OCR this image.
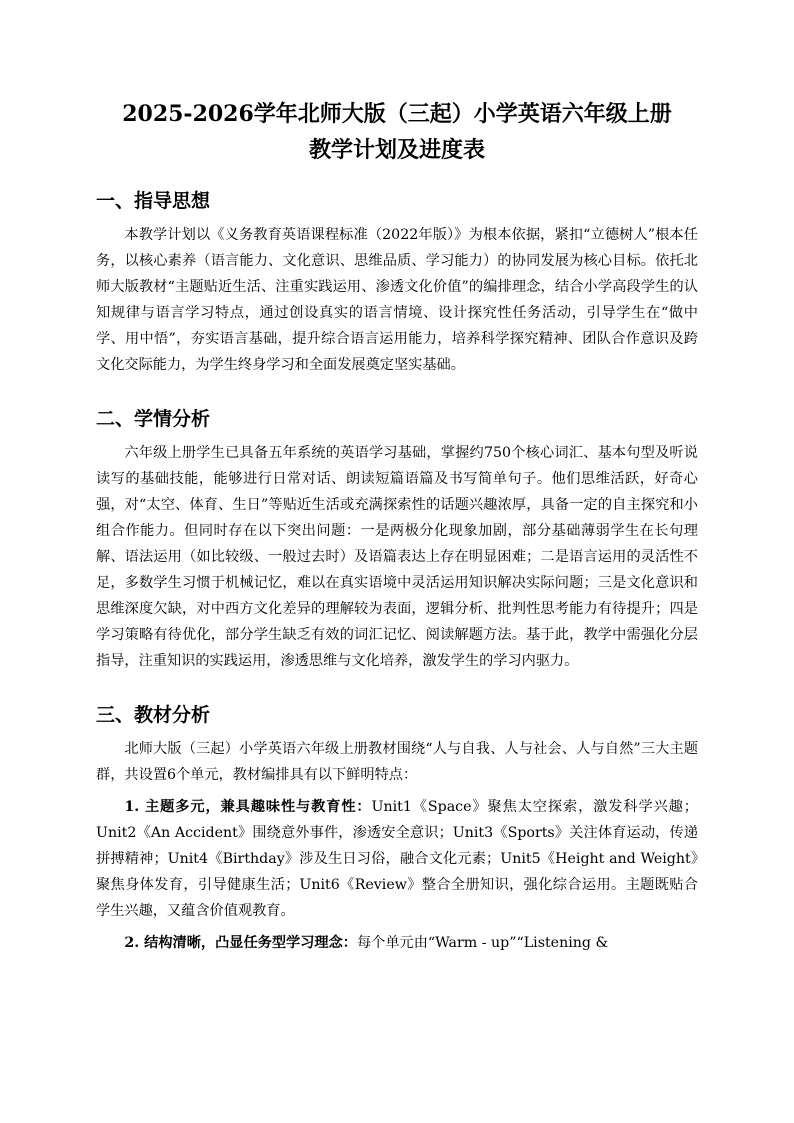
2025-2026学年北师大版（三起）小学英语六年级上册
教学计划及进度表
一、指导思想

本教学计划以《义务教育英语课程标准（2022年版）》为根本依据，紧扣“立德树人”根本任务，以核心素养（语言能力、文化意识、思维品质、学习能力）的协同发展为核心目标。依托北师大版教材“主题贴近生活、注重实践运用、渗透文化价值”的编排理念，结合小学高段学生的认知规律与语言学习特点，通过创设真实的语言情境、设计探究性任务活动，引导学生在“做中学、用中悟”，夯实语言基础，提升综合语言运用能力，培养科学探究精神、团队合作意识及跨文化交际能力，为学生终身学习和全面发展奠定坚实基础。

二、学情分析

六年级上册学生已具备五年系统的英语学习基础，掌握约750个核心词汇、基本句型及听说读写的基础技能，能够进行日常对话、朗读短篇语篇及书写简单句子。他们思维活跃，好奇心强，对“太空、体育、生日”等贴近生活或充满探索性的话题兴趣浓厚，具备一定的自主探究和小组合作能力。但同时存在以下突出问题：一是两极分化现象加剧，部分基础薄弱学生在长句理解、语法运用（如比较级、一般过去时）及语篇表达上存在明显困难；二是语言运用的灵活性不足，多数学生习惯于机械记忆，难以在真实语境中灵活运用知识解决实际问题；三是文化意识和思维深度欠缺，对中西方文化差异的理解较为表面，逻辑分析、批判性思考能力有待提升；四是学习策略有待优化，部分学生缺乏有效的词汇记忆、阅读解题方法。基于此，教学中需强化分层指导，注重知识的实践运用，渗透思维与文化培养，激发学生的学习内驱力。

三、教材分析

北师大版（三起）小学英语六年级上册教材围绕“人与自我、人与社会、人与自然”三大主题群，共设置6个单元，教材编排具有以下鲜明特点：

1. 主题多元，兼具趣味性与教育性：Unit1《Space》聚焦太空探索，激发科学兴趣；Unit2《An Accident》围绕意外事件，渗透安全意识；Unit3《Sports》关注体育运动，传递拼搏精神；Unit4《Birthday》涉及生日习俗，融合文化元素；Unit5《Height and Weight》聚焦身体发育，引导健康生活；Unit6《Review》整合全册知识，强化综合运用。主题既贴合学生兴趣，又蕴含价值观教育。

2. 结构清晰，凸显任务型学习理念：每个单元由“Warm - up”“Listening &
